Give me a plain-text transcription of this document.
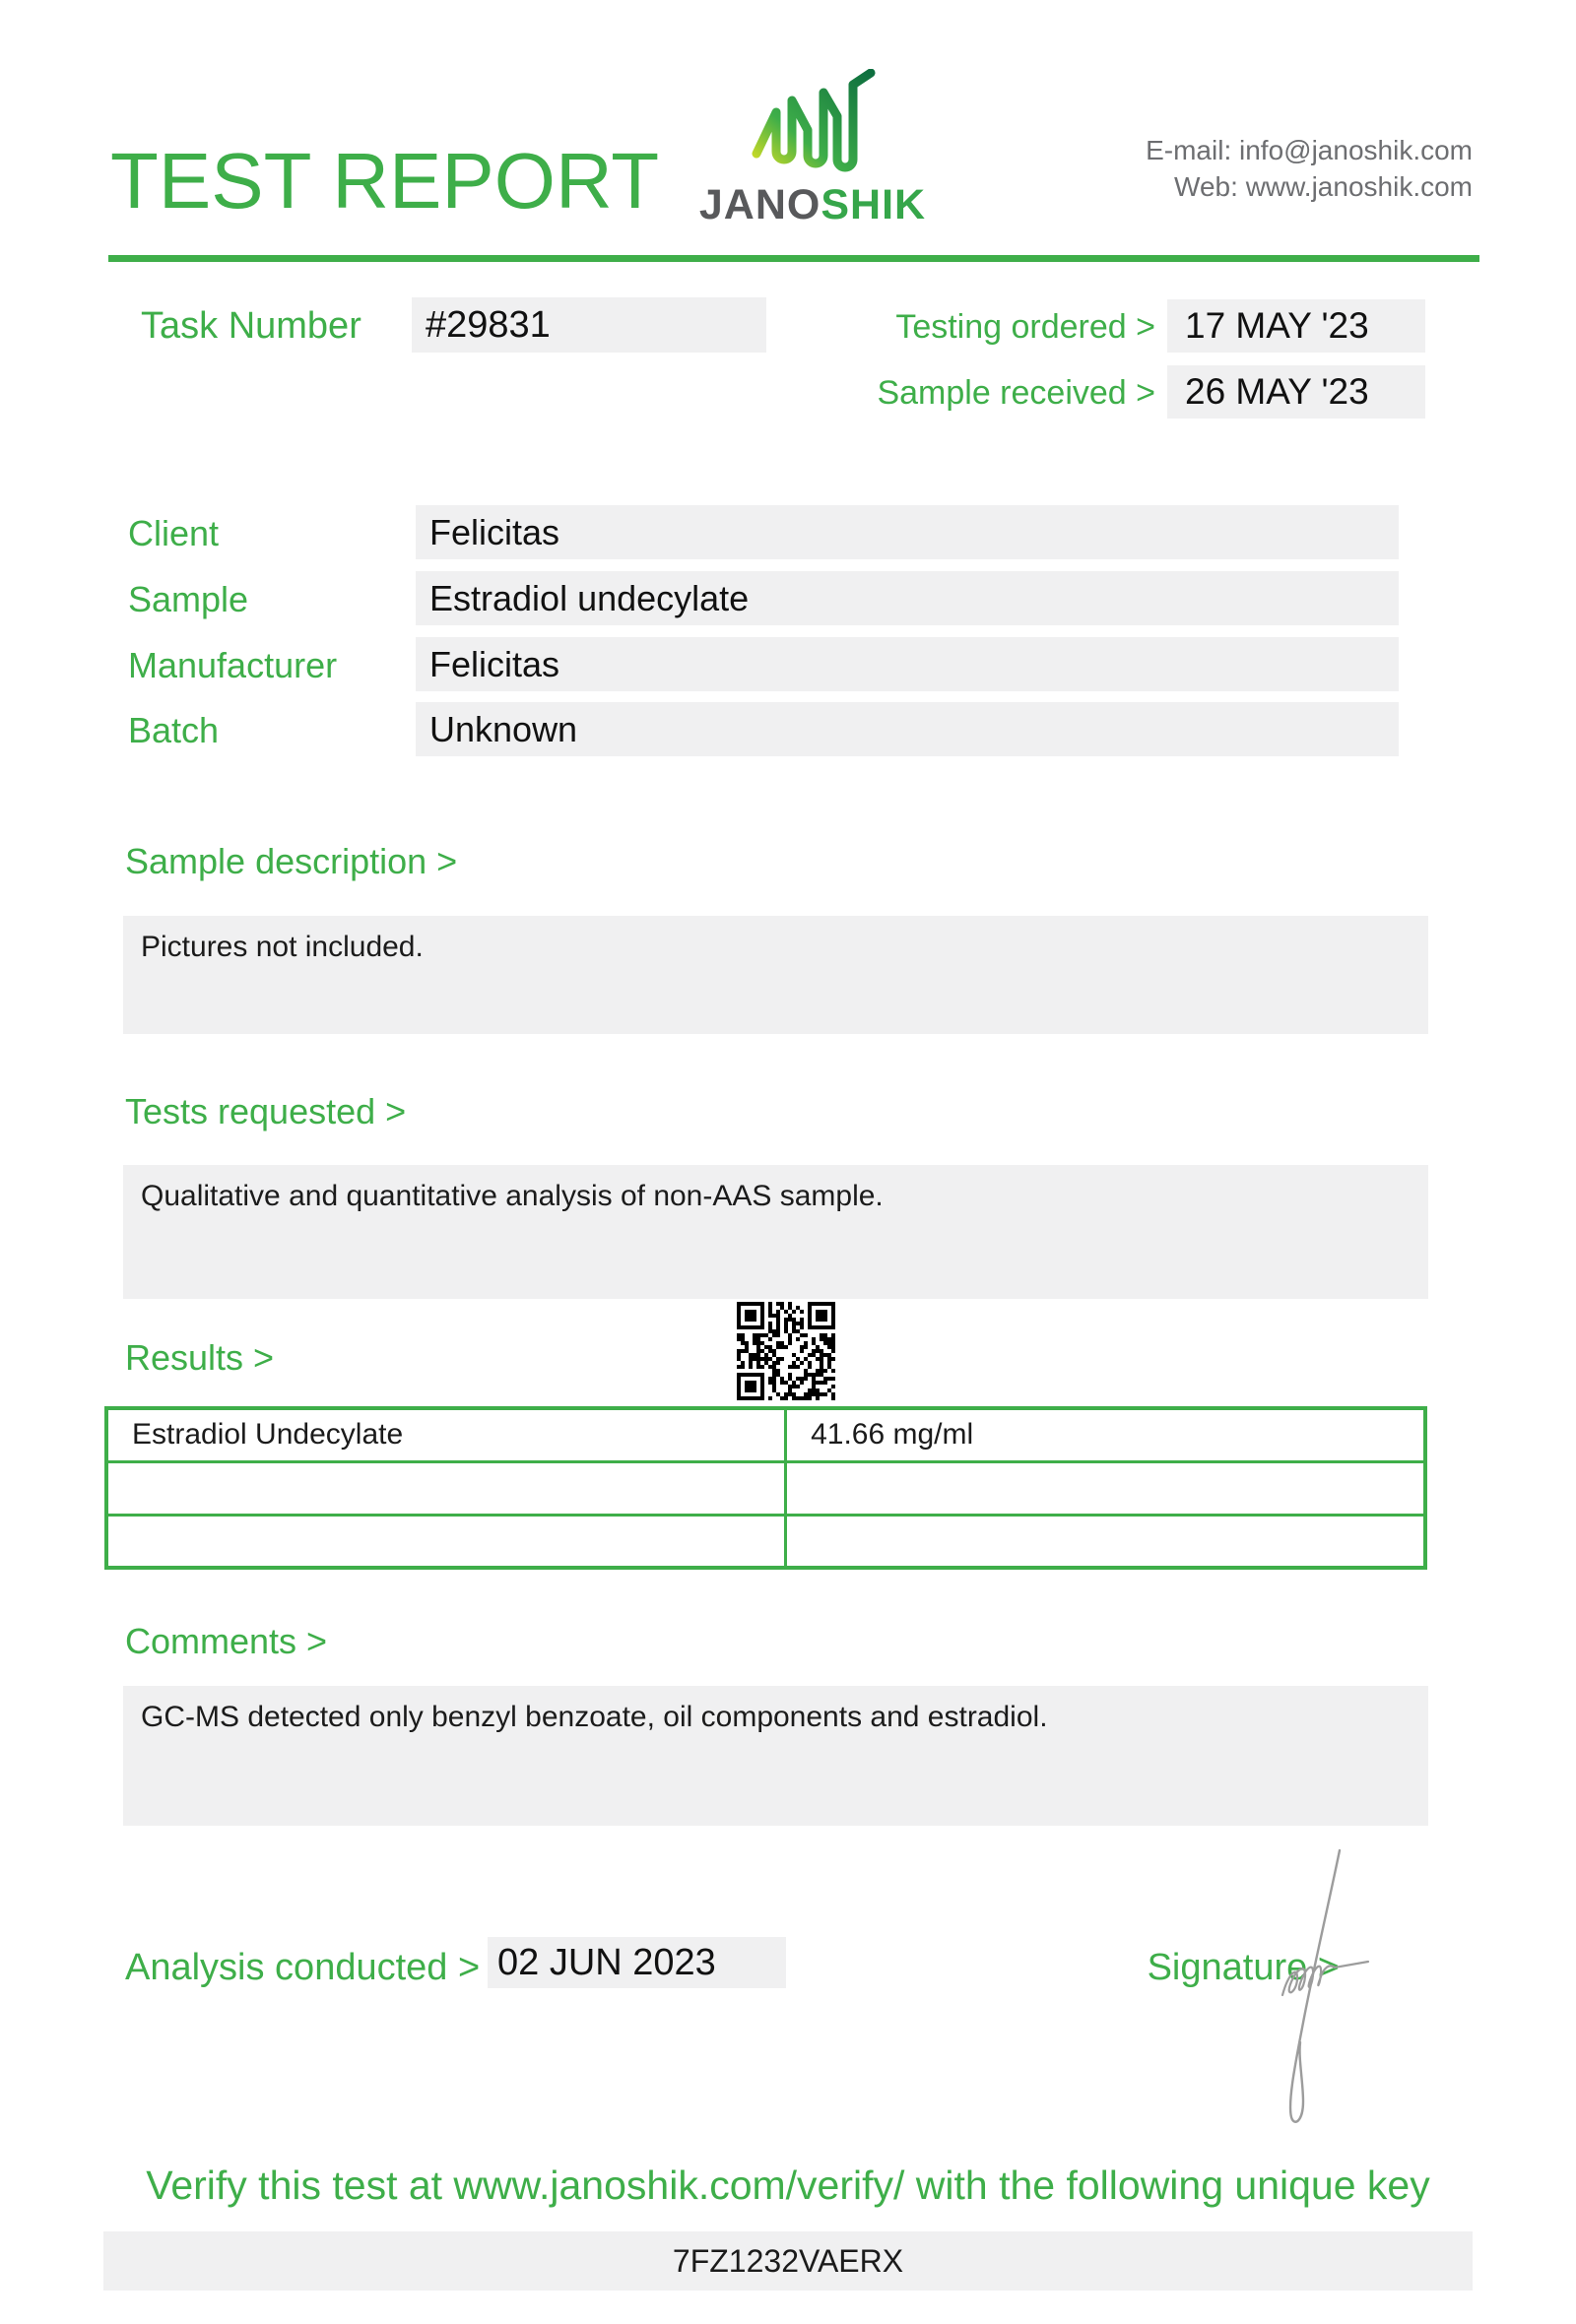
TEST REPORT JANOSHIK
E-mail: info@janoshik.com
Web: www.janoshik.com
Task Number	#29831	Testing ordered > 17 MAY '23
Sample received > 26 MAY '23
Client	Felicitas
Sample	Estradiol undecylate
Manufacturer	Felicitas
Batch	Unknown
Sample description >
Pictures not included.
Tests requested >
Qualitative and quantitative analysis of non-AAS sample.
Results >
Estradiol Undecylate	41.66 mg/ml

Comments >
GC-MS detected only benzyl benzoate, oil components and estradiol.
Analysis conducted > 02 JUN 2023	Signature >
Verify this test at www.janoshik.com/verify/ with the following unique key
7FZ1232VAERX
